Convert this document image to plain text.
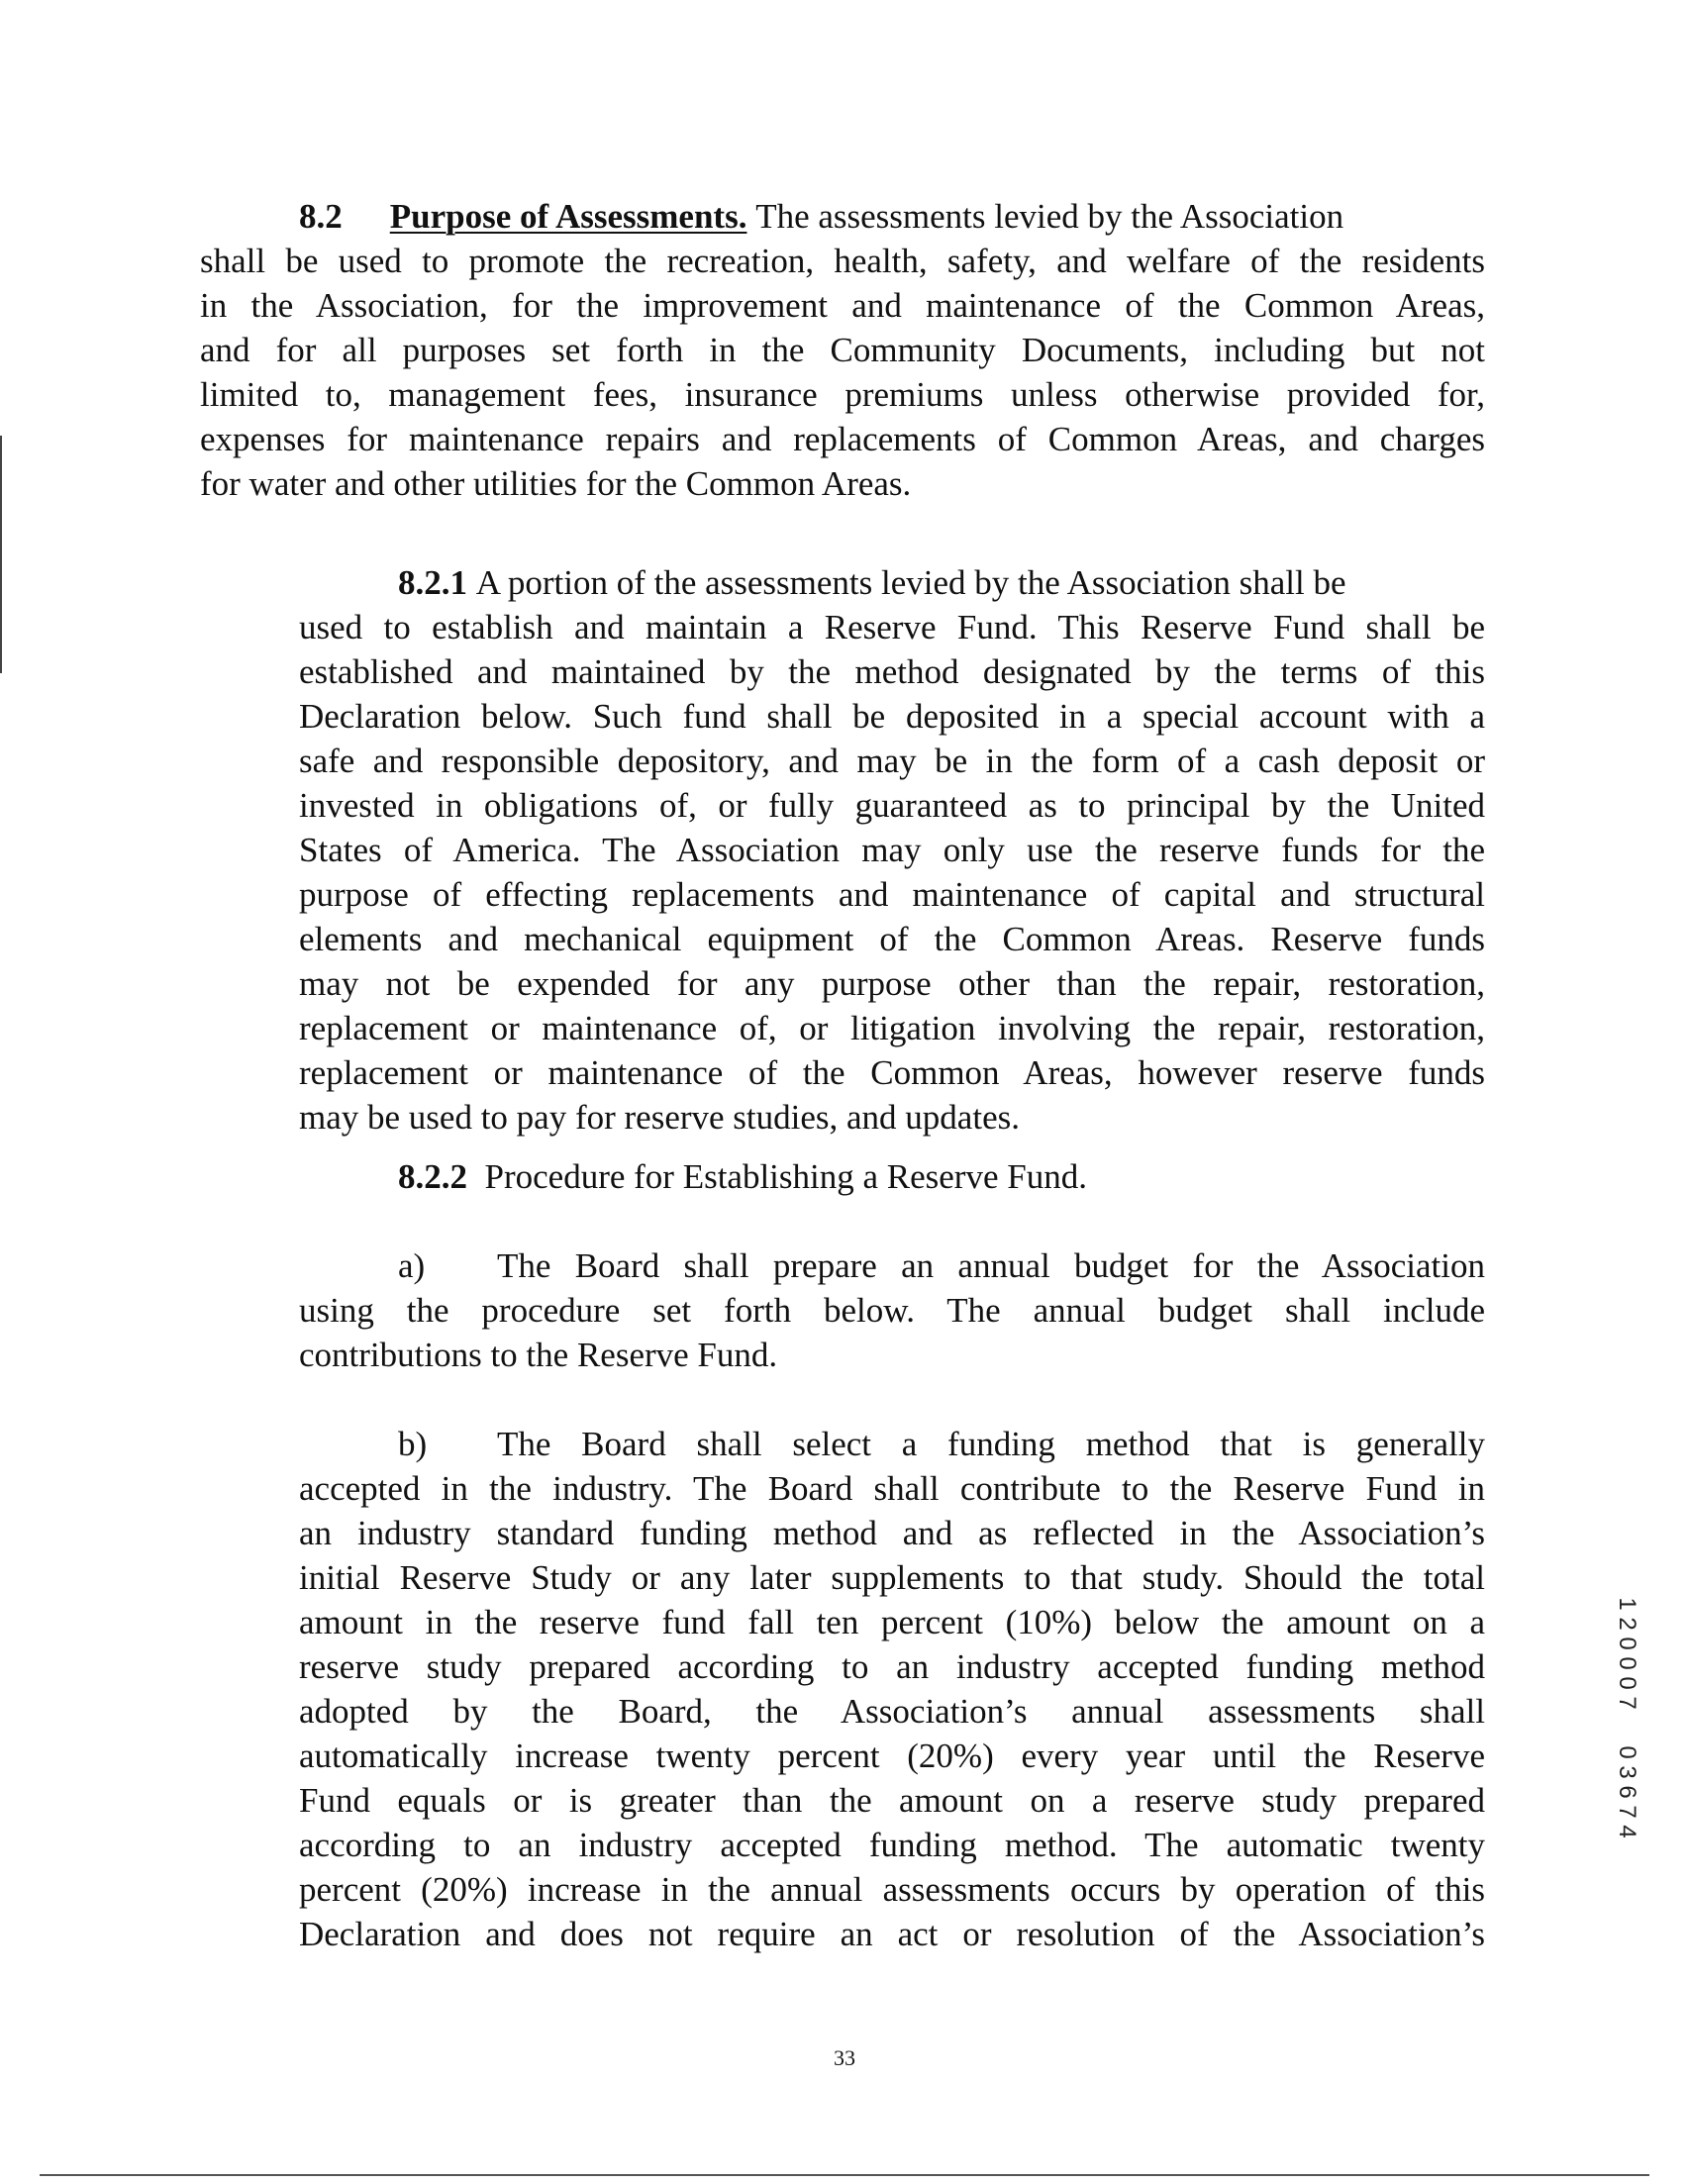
8.2 Purpose of Assessments. The assessments levied by the Association
shall be used to promote the recreation, health, safety, and welfare of the residents
in the Association, for the improvement and maintenance of the Common Areas,
and for all purposes set forth in the Community Documents, including but not
limited to, management fees, insurance premiums unless otherwise provided for,
expenses for maintenance repairs and replacements of Common Areas, and charges
for water and other utilities for the Common Areas.
8.2.1 A portion of the assessments levied by the Association shall be
used to establish and maintain a Reserve Fund. This Reserve Fund shall be
established and maintained by the method designated by the terms of this
Declaration below. Such fund shall be deposited in a special account with a
safe and responsible depository, and may be in the form of a cash deposit or
invested in obligations of, or fully guaranteed as to principal by the United
States of America. The Association may only use the reserve funds for the
purpose of effecting replacements and maintenance of capital and structural
elements and mechanical equipment of the Common Areas. Reserve funds
may not be expended for any purpose other than the repair, restoration,
replacement or maintenance of, or litigation involving the repair, restoration,
replacement or maintenance of the Common Areas, however reserve funds
may be used to pay for reserve studies, and updates.
8.2.2 Procedure for Establishing a Reserve Fund.
a) The Board shall prepare an annual budget for the Association
using the procedure set forth below. The annual budget shall include
contributions to the Reserve Fund.
b) The Board shall select a funding method that is generally
accepted in the industry. The Board shall contribute to the Reserve Fund in
an industry standard funding method and as reflected in the Association’s
initial Reserve Study or any later supplements to that study. Should the total
amount in the reserve fund fall ten percent (10%) below the amount on a
reserve study prepared according to an industry accepted funding method
adopted by the Board, the Association’s annual assessments shall
automatically increase twenty percent (20%) every year until the Reserve
Fund equals or is greater than the amount on a reserve study prepared
according to an industry accepted funding method. The automatic twenty
percent (20%) increase in the annual assessments occurs by operation of this
Declaration and does not require an act or resolution of the Association’s
33
1
2
0
0
0
7
0
3
6
7
4
